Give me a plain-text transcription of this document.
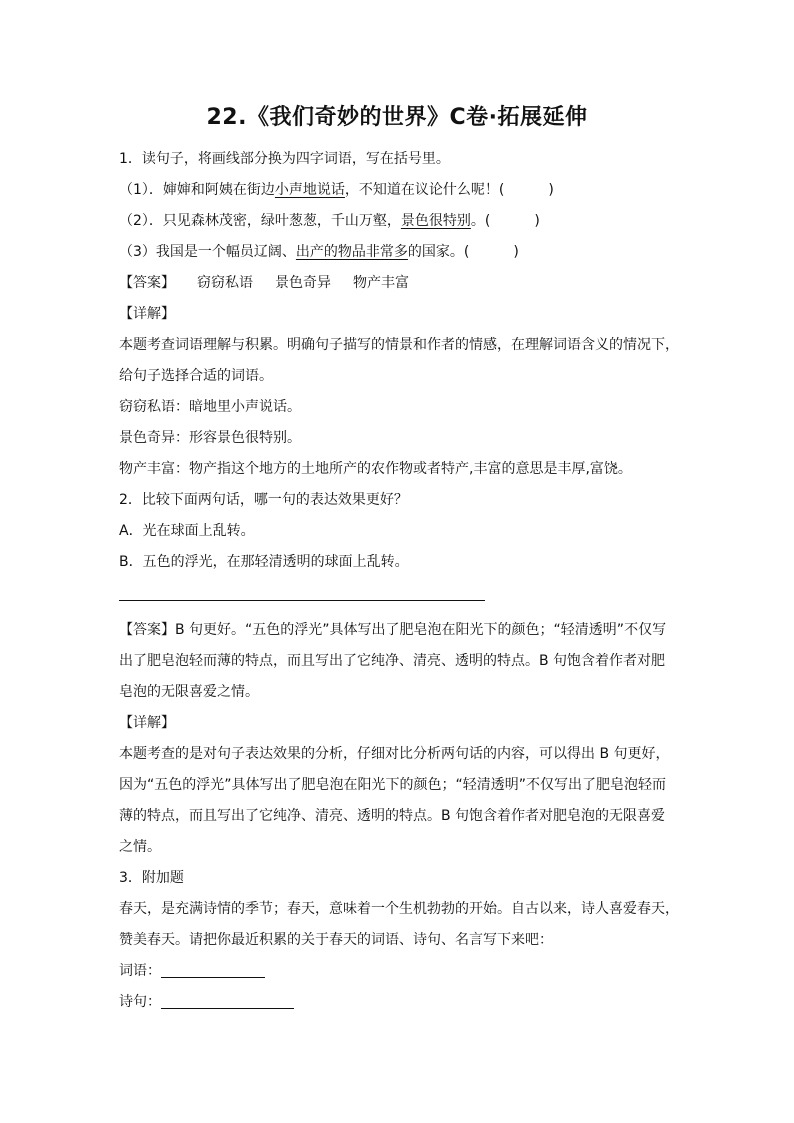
22.《我们奇妙的世界》C卷·拓展延伸
1．读句子，将画线部分换为四字词语，写在括号里。
（1）．婶婶和阿姨在街边小声地说话，不知道在议论什么呢！(	)
（2）．只见森林茂密，绿叶葱葱，千山万壑，景色很特别。(	)
（3）我国是一个幅员辽阔、出产的物品非常多的国家。(	)
【答案】 窃窃私语 景色奇异 物产丰富
【详解】
本题考查词语理解与积累。明确句子描写的情景和作者的情感，在理解词语含义的情况下，给句子选择合适的词语。
窃窃私语：暗地里小声说话。
景色奇异：形容景色很特别。
物产丰富：物产指这个地方的土地所产的农作物或者特产,丰富的意思是丰厚,富饶。
2．比较下面两句话，哪一句的表达效果更好？
A．光在球面上乱转。
B．五色的浮光，在那轻清透明的球面上乱转。
【答案】B 句更好。“五色的浮光”具体写出了肥皂泡在阳光下的颜色；“轻清透明”不仅写出了肥皂泡轻而薄的特点，而且写出了它纯净、清亮、透明的特点。B 句饱含着作者对肥皂泡的无限喜爱之情。
【详解】
本题考查的是对句子表达效果的分析，仔细对比分析两句话的内容，可以得出 B 句更好，因为“五色的浮光”具体写出了肥皂泡在阳光下的颜色；“轻清透明”不仅写出了肥皂泡轻而薄的特点，而且写出了它纯净、清亮、透明的特点。B 句饱含着作者对肥皂泡的无限喜爱之情。
3．附加题
春天，是充满诗情的季节；春天，意味着一个生机勃勃的开始。自古以来，诗人喜爱春天，赞美春天。请把你最近积累的关于春天的词语、诗句、名言写下来吧：
词语：
诗句：
